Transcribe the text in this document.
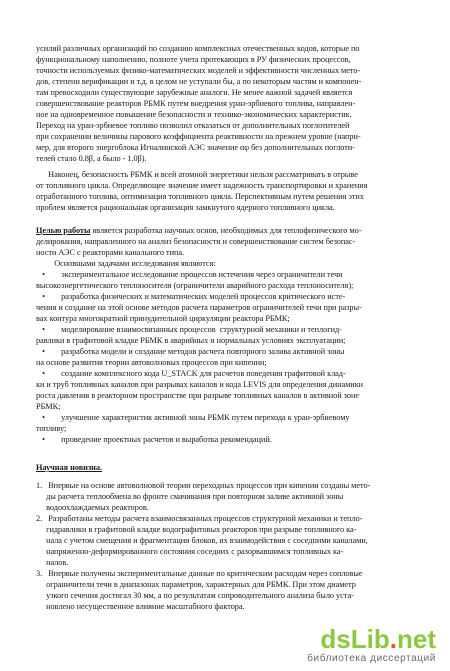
усилий различных организаций по созданию комплексных отечественных кодов, которые по
функциональному наполнению, полноте учета протекающих в РУ физических процессов,
точности используемых физико-математических моделей и эффективности численных мето-
дов, степени верификации и т.д. в целом не уступали бы, а по некоторым частям и компонен-
там превосходили существующие зарубежные аналоги. Не менее важной задачей является
совершенствование реакторов РБМК путем внедрения уран-эрбиевого топлива, направлен-
ное на одновременное повышение безопасности и технико-экономических характеристик.
Переход на уран-эрбиевое топливо позволил отказаться от дополнительных поглотителей
при сохранении величины парового коэффициента реактивности на прежнем уровне (напри-
мер, для второго энергоблока Игналинской АЭС значение αφ без дополнительных поглоти-
телей стало 0.8β, а было - 1.0β).
Наконец, безопасность РБМК и всей атомной энергетики нельзя рассматривать в отрыве
от топливного цикла. Определяющее значение имеет надежность транспортировки и хранения
отработанного топлива, оптимизация топливного цикла. Перспективным путем решения этих
проблем является рациональная организация замкнутого ядерного топливного цикла.
Целью работы является разработка научных основ, необходимых для теплофизического мо-
делирования, направленного на анализ безопасности и совершенствование систем безопас-
ности АЭС с реакторами канального типа.
Основными задачами исследования являются:
•        экспериментальное исследование процессов истечения через ограничители течи
высокоэнергетического теплоносителя (ограничители аварийного расхода теплоносителя);
•        разработка физических и математических моделей процессов критического исте-
чения и создание на этой основе методов расчета параметров ограничителей течи при разры-
вах контура многократной принудительной циркуляции реактора РБМК;
•        моделирование взаимосвязанных процессов  структурной механики и теплогид-
равлики в графитовой кладке РБМК в аварийных и нормальных условиях эксплуатации;
•        разработка модели и создание методов расчета повторного залива активной зоны
на основе развития теории автоволновых процессов при кипении;
•        создание комплексного кода U_STACK для расчетов поведения графитовой клад-
ки и труб топливных каналов при разрывах каналов и кода LEVIS для определения динамики
роста давления в реакторном пространстве при разрыве топливных каналов в активной зоне
РБМК;
•        улучшение характеристик активной зоны РБМК путем перехода к уран-эрбиевому
топливу;
•        проведение проектных расчетов и выработка рекомендаций.
Научная новизна.
1.   Впервые на основе автоволновой теории переходных процессов при кипении созданы мето-
ды расчета теплообмена во фронте смачивания при повторном заливе активной зоны
водоохлаждаемых реакторов.
2.   Разработаны методы расчета взаимосвязанных процессов структурной механики и тепло-
гидравлики в графитовой кладке водографитовых реакторов при разрыве топливного ка-
нала с учетом смещения и фрагментации блоков, их взаимодействия с соседними каналами,
напряженно-деформированного состояния соседних с разорвавшимся топливных ка-
налов.
3.   Впервые получены экспериментальные данные по критическим расходам через сопловые
ограничители течи в диапазонах параметров, характерных для РБМК. При этом диаметр
узкого сечения достигал 30 мм, а по результатам сопроводительного анализа было уста-
новлено несущественное влияние масштабного фактора.
dsLib.net
библиотека диссертаций
